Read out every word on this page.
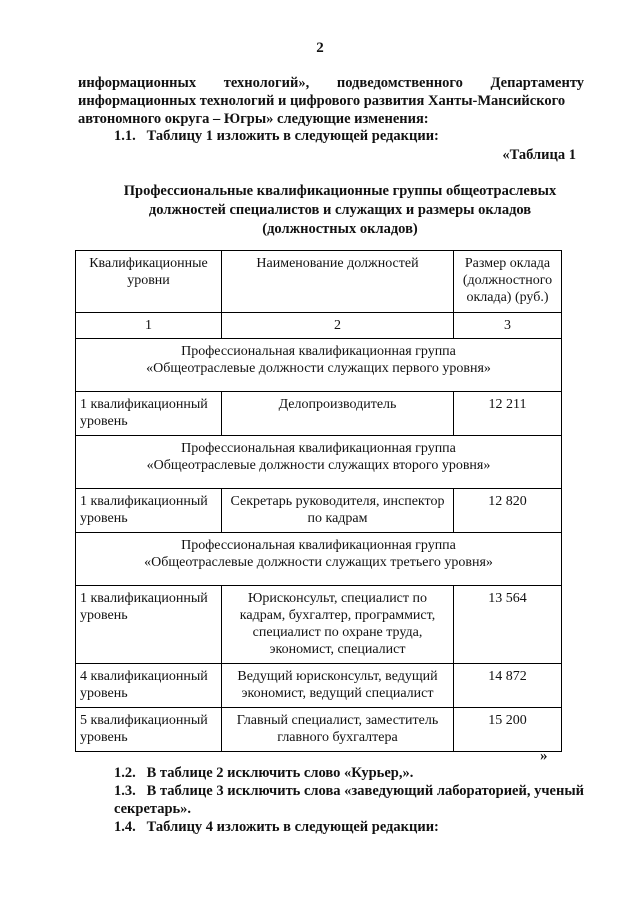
2
информационных технологий», подведомственного Департаменту
информационных технологий и цифрового развития Ханты-Мансийского
автономного округа – Югры» следующие изменения:
1.1. Таблицу 1 изложить в следующей редакции:
«Таблица 1
Профессиональные квалификационные группы общеотраслевых
должностей специалистов и служащих и размеры окладов
(должностных окладов)
Квалификационные уровни	Наименование должностей	Размер оклада (должностного оклада) (руб.)
1	2	3

Профессиональная квалификационная группа
«Общеотраслевые должности служащих первого уровня»		

1 квалификационный уровень	Делопроизводитель	12 211

Профессиональная квалификационная группа
«Общеотраслевые должности служащих второго уровня»		

1 квалификационный уровень	Секретарь руководителя, инспектор по кадрам	12 820

Профессиональная квалификационная группа
«Общеотраслевые должности служащих третьего уровня»		

1 квалификационный уровень	Юрисконсульт, специалист по кадрам, бухгалтер, программист, специалист по охране труда, экономист, специалист	13 564
4 квалификационный уровень	Ведущий юрисконсульт, ведущий экономист, ведущий специалист	14 872
5 квалификационный уровень	Главный специалист, заместитель главного бухгалтера	15 200
»
1.2. В таблице 2 исключить слово «Курьер,».
1.3. В таблице 3 исключить слова «заведующий лабораторией, ученый секретарь».
1.4. Таблицу 4 изложить в следующей редакции:
